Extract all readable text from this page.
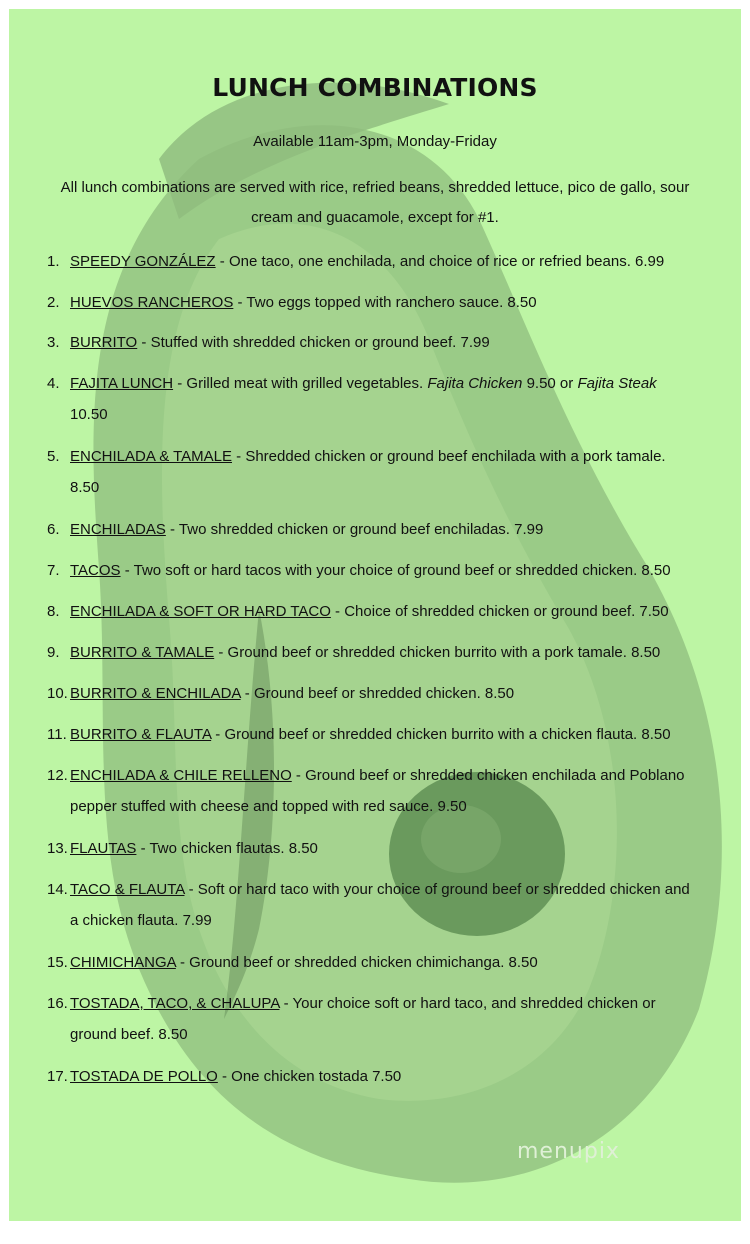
LUNCH COMBINATIONS
Available 11am-3pm, Monday-Friday
All lunch combinations are served with rice, refried beans, shredded lettuce, pico de gallo, sour cream and guacamole, except for #1.
1. SPEEDY GONZÁLEZ - One taco, one enchilada, and choice of rice or refried beans. 6.99
2. HUEVOS RANCHEROS - Two eggs topped with ranchero sauce. 8.50
3. BURRITO - Stuffed with shredded chicken or ground beef. 7.99
4. FAJITA LUNCH - Grilled meat with grilled vegetables. Fajita Chicken 9.50 or Fajita Steak 10.50
5. ENCHILADA & TAMALE - Shredded chicken or ground beef enchilada with a pork tamale. 8.50
6. ENCHILADAS - Two shredded chicken or ground beef enchiladas. 7.99
7. TACOS - Two soft or hard tacos with your choice of ground beef or shredded chicken. 8.50
8. ENCHILADA & SOFT OR HARD TACO - Choice of shredded chicken or ground beef. 7.50
9. BURRITO & TAMALE - Ground beef or shredded chicken burrito with a pork tamale. 8.50
10. BURRITO & ENCHILADA - Ground beef or shredded chicken. 8.50
11. BURRITO & FLAUTA - Ground beef or shredded chicken burrito with a chicken flauta. 8.50
12. ENCHILADA & CHILE RELLENO - Ground beef or shredded chicken enchilada and Poblano pepper stuffed with cheese and topped with red sauce. 9.50
13. FLAUTAS - Two chicken flautas. 8.50
14. TACO & FLAUTA - Soft or hard taco with your choice of ground beef or shredded chicken and a chicken flauta. 7.99
15. CHIMICHANGA - Ground beef or shredded chicken chimichanga. 8.50
16. TOSTADA, TACO, & CHALUPA - Your choice soft or hard taco, and shredded chicken or ground beef. 8.50
17. TOSTADA DE POLLO - One chicken tostada 7.50
menupix
